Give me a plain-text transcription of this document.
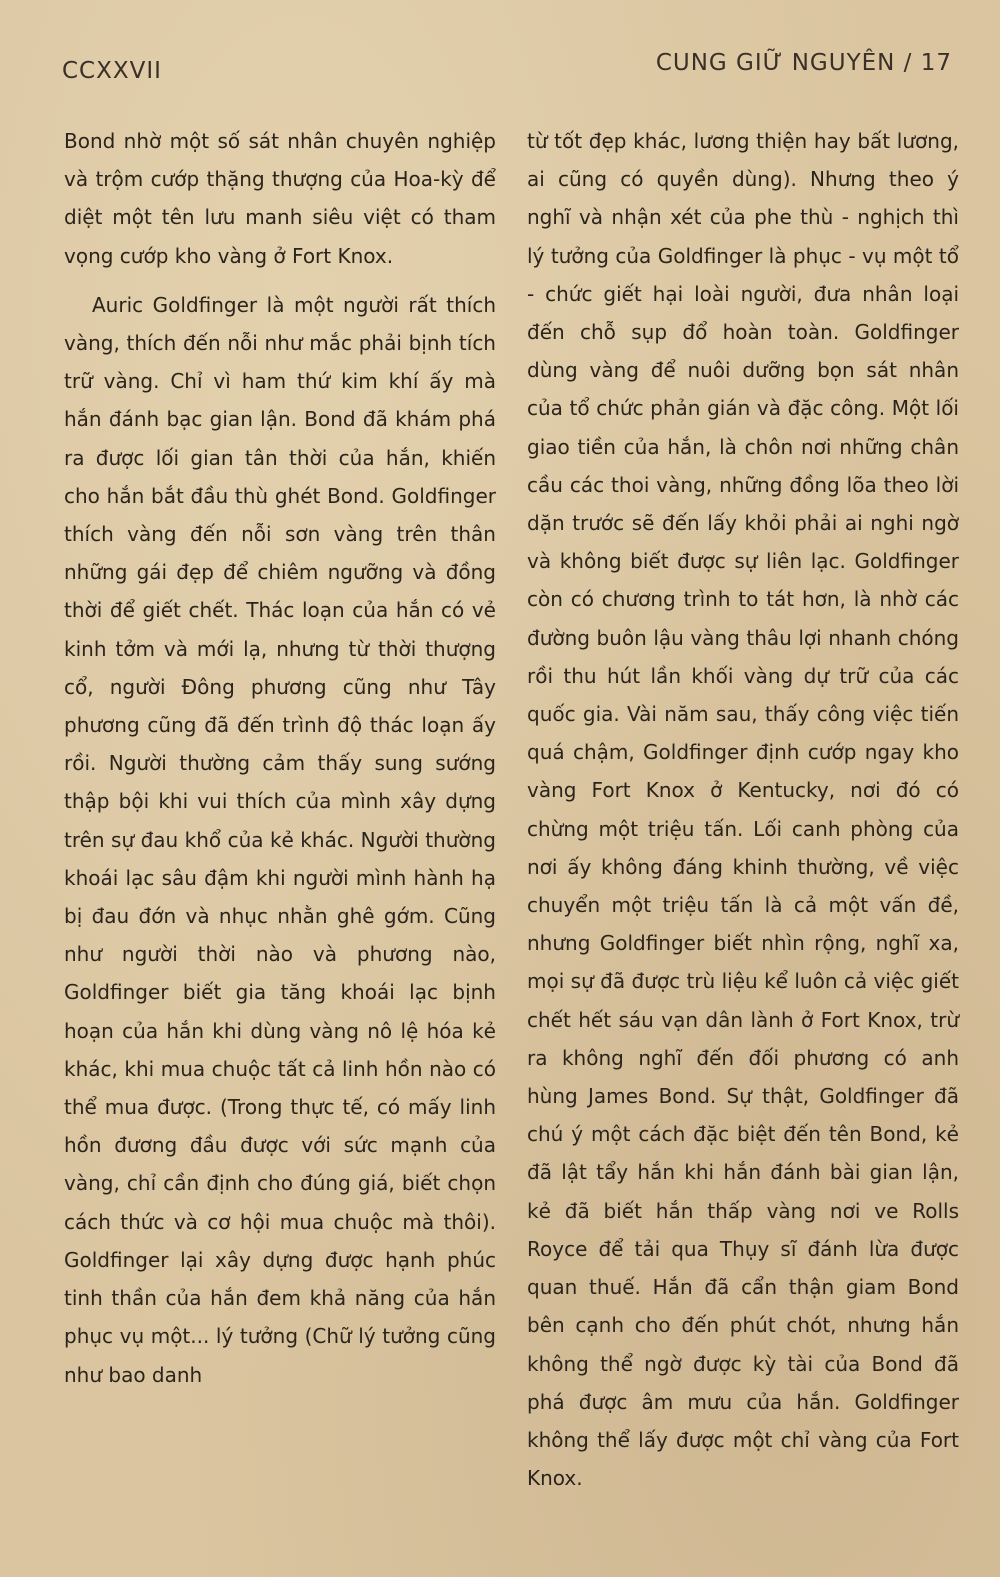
CCXXVII	CUNG GIỮ NGUYÊN / 17

Bond nhờ một số sát nhân chuyên nghiệp và trộm cướp thặng thượng của Hoa-kỳ để diệt một tên lưu manh siêu việt có tham vọng cướp kho vàng ở Fort Knox.

Auric Goldfinger là một người rất thích vàng, thích đến nỗi như mắc phải bịnh tích trữ vàng. Chỉ vì ham thứ kim khí ấy mà hắn đánh bạc gian lận. Bond đã khám phá ra được lối gian tân thời của hắn, khiến cho hắn bắt đầu thù ghét Bond. Goldfinger thích vàng đến nỗi sơn vàng trên thân những gái đẹp để chiêm ngưỡng và đồng thời để giết chết. Thác loạn của hắn có vẻ kinh tởm và mới lạ, nhưng từ thời thượng cổ, người Đông phương cũng như Tây phương cũng đã đến trình độ thác loạn ấy rồi. Người thường cảm thấy sung sướng thập bội khi vui thích của mình xây dựng trên sự đau khổ của kẻ khác. Người thường khoái lạc sâu đậm khi người mình hành hạ bị đau đớn và nhục nhằn ghê gớm. Cũng như người thời nào và phương nào, Goldfinger biết gia tăng khoái lạc bịnh hoạn của hắn khi dùng vàng nô lệ hóa kẻ khác, khi mua chuộc tất cả linh hồn nào có thể mua được. (Trong thực tế, có mấy linh hồn đương đầu được với sức mạnh của vàng, chỉ cần định cho đúng giá, biết chọn cách thức và cơ hội mua chuộc mà thôi). Goldfinger lại xây dựng được hạnh phúc tinh thần của hắn đem khả năng của hắn phục vụ một... lý tưởng (Chữ lý tưởng cũng như bao danh

từ tốt đẹp khác, lương thiện hay bất lương, ai cũng có quyền dùng). Nhưng theo ý nghĩ và nhận xét của phe thù - nghịch thì lý tưởng của Goldfinger là phục - vụ một tổ - chức giết hại loài người, đưa nhân loại đến chỗ sụp đổ hoàn toàn. Goldfinger dùng vàng để nuôi dưỡng bọn sát nhân của tổ chức phản gián và đặc công. Một lối giao tiền của hắn, là chôn nơi những chân cầu các thoi vàng, những đồng lõa theo lời dặn trước sẽ đến lấy khỏi phải ai nghi ngờ và không biết được sự liên lạc. Goldfinger còn có chương trình to tát hơn, là nhờ các đường buôn lậu vàng thâu lợi nhanh chóng rồi thu hút lần khối vàng dự trữ của các quốc gia. Vài năm sau, thấy công việc tiến quá chậm, Goldfinger định cướp ngay kho vàng Fort Knox ở Kentucky, nơi đó có chừng một triệu tấn. Lối canh phòng của nơi ấy không đáng khinh thường, về việc chuyển một triệu tấn là cả một vấn đề, nhưng Goldfinger biết nhìn rộng, nghĩ xa, mọi sự đã được trù liệu kể luôn cả việc giết chết hết sáu vạn dân lành ở Fort Knox, trừ ra không nghĩ đến đối phương có anh hùng James Bond. Sự thật, Goldfinger đã chú ý một cách đặc biệt đến tên Bond, kẻ đã lật tẩy hắn khi hắn đánh bài gian lận, kẻ đã biết hắn thấp vàng nơi ve Rolls Royce để tải qua Thụy sĩ đánh lừa được quan thuế. Hắn đã cẩn thận giam Bond bên cạnh cho đến phút chót, nhưng hắn không thể ngờ được kỳ tài của Bond đã phá được âm mưu của hắn. Goldfinger không thể lấy được một chỉ vàng của Fort Knox.
